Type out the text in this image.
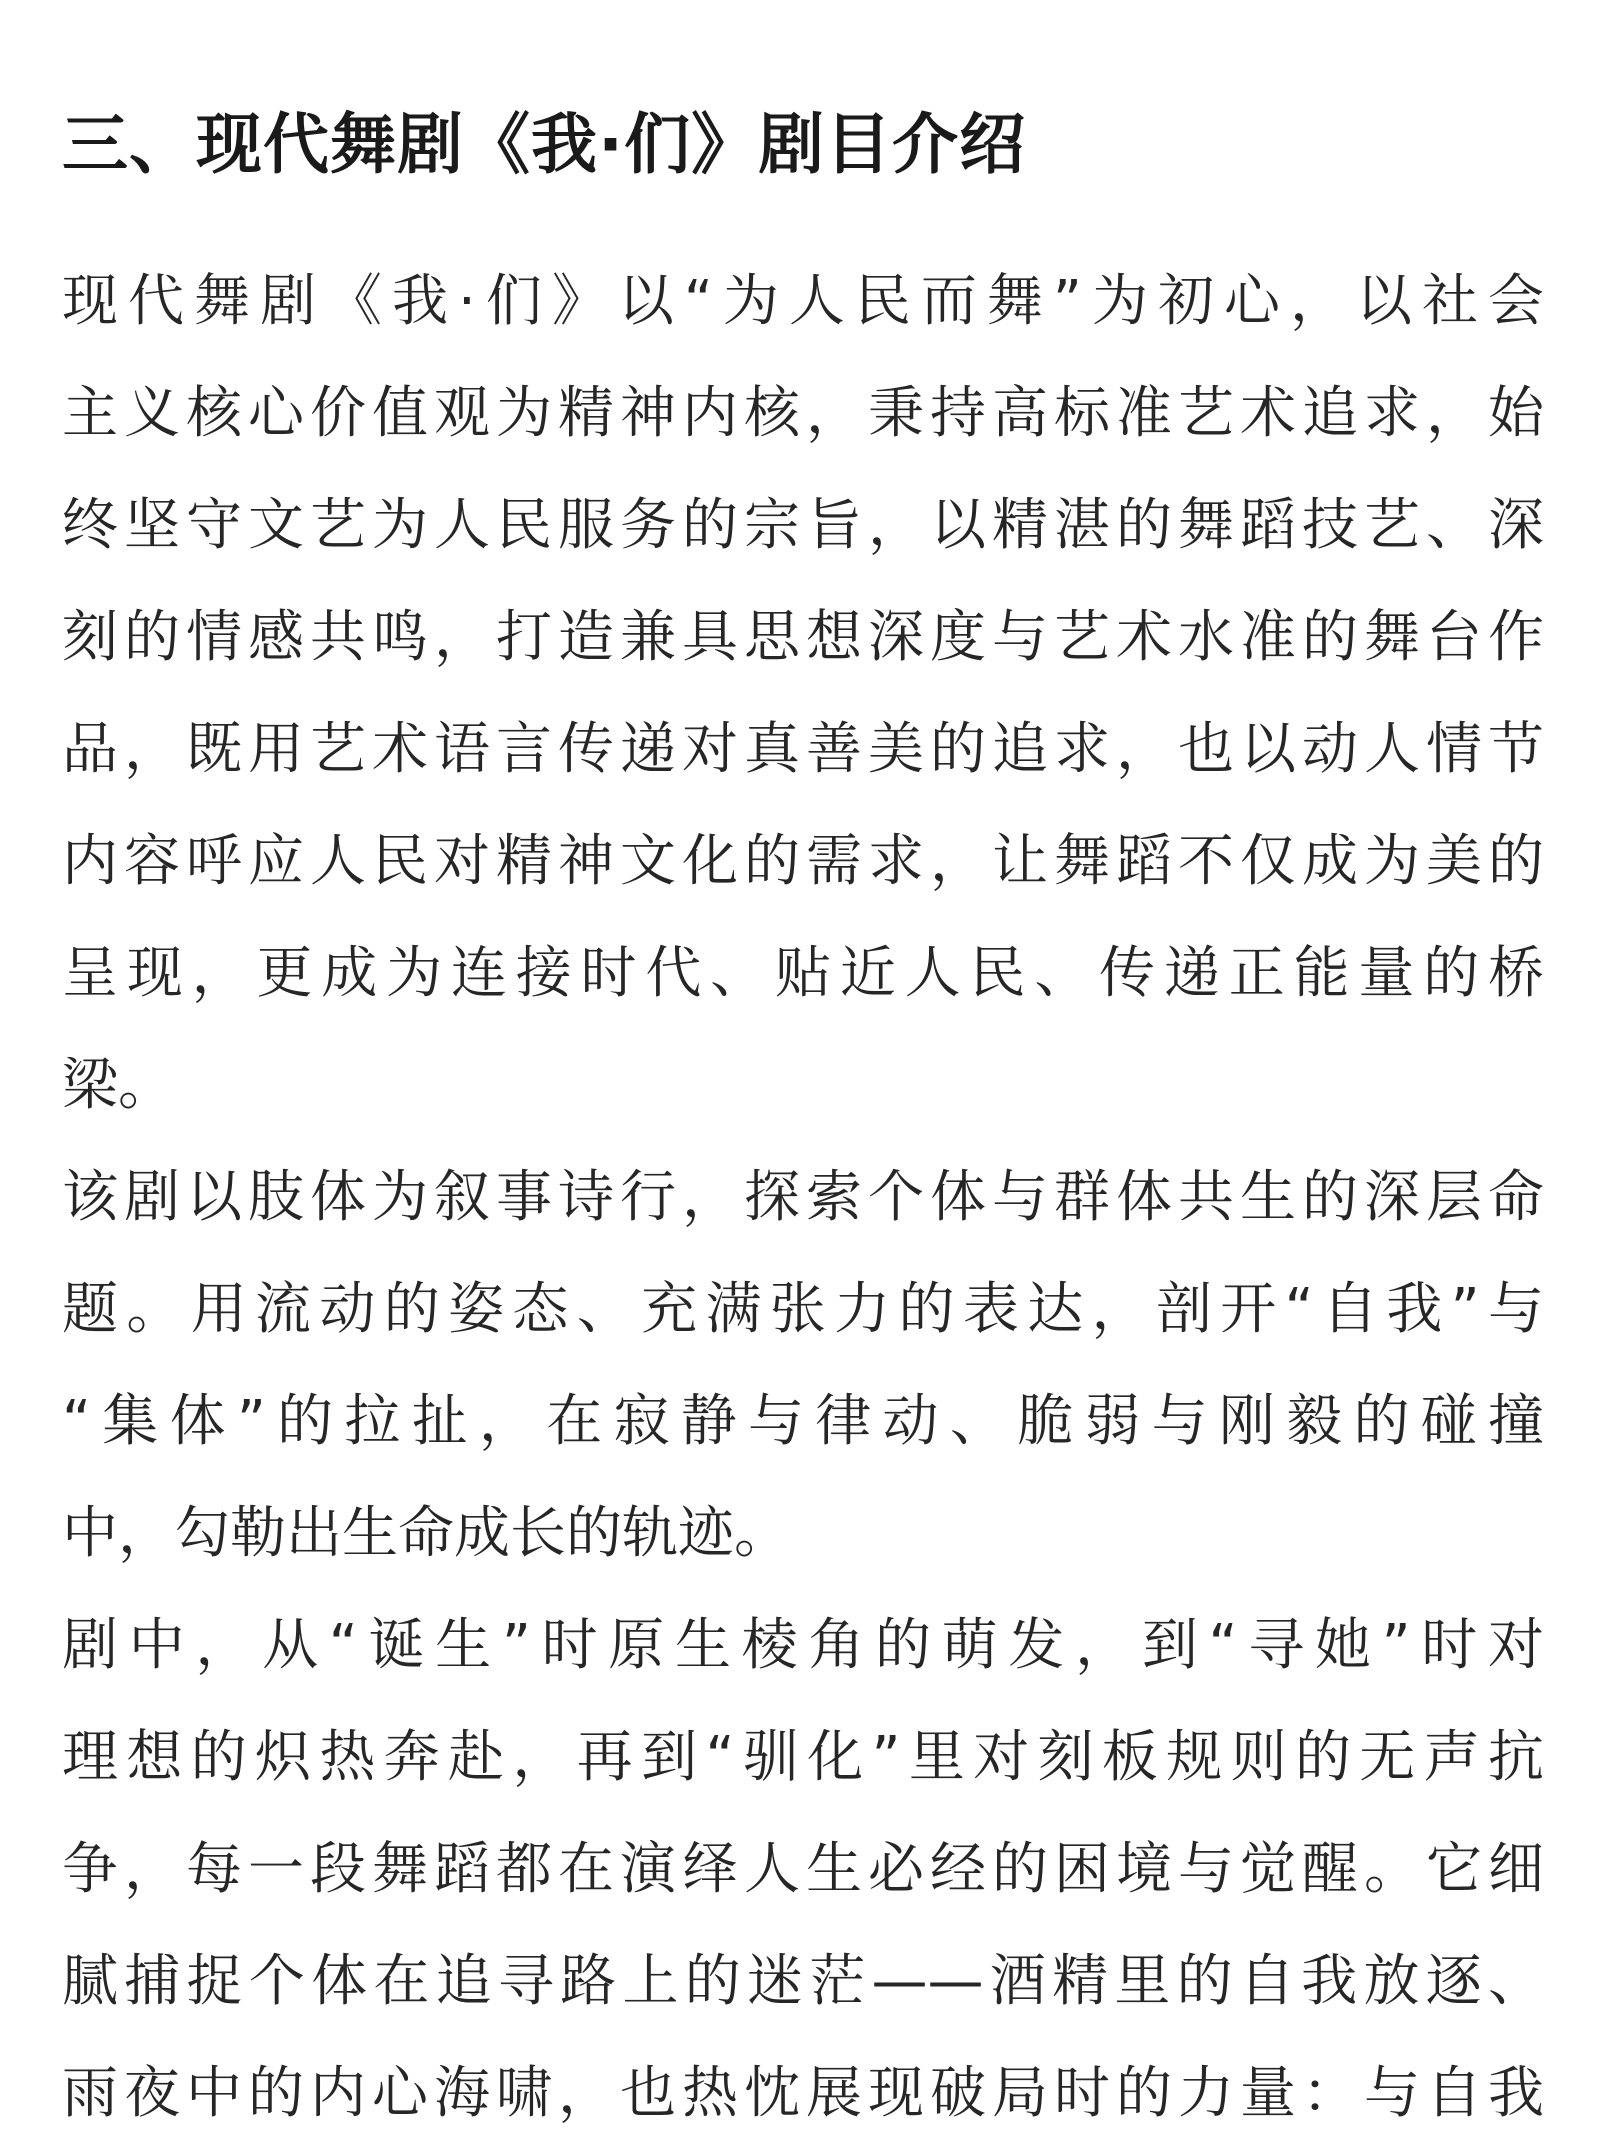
三、现代舞剧《我·们》剧目介绍
现代舞剧《我·们》以“为人民而舞”为初心，以社会
主义核心价值观为精神内核，秉持高标准艺术追求，始
终坚守文艺为人民服务的宗旨，以精湛的舞蹈技艺、深
刻的情感共鸣，打造兼具思想深度与艺术水准的舞台作
品，既用艺术语言传递对真善美的追求，也以动人情节
内容呼应人民对精神文化的需求，让舞蹈不仅成为美的
呈现，更成为连接时代、贴近人民、传递正能量的桥
梁。
该剧以肢体为叙事诗行，探索个体与群体共生的深层命
题。用流动的姿态、充满张力的表达，剖开“自我”与
“集体”的拉扯，在寂静与律动、脆弱与刚毅的碰撞
中，勾勒出生命成长的轨迹。
剧中，从“诞生”时原生棱角的萌发，到“寻她”时对
理想的炽热奔赴，再到“驯化”里对刻板规则的无声抗
争，每一段舞蹈都在演绎人生必经的困境与觉醒。它细
腻捕捉个体在追寻路上的迷茫——酒精里的自我放逐、
雨夜中的内心海啸，也热忱展现破局时的力量：与自我
